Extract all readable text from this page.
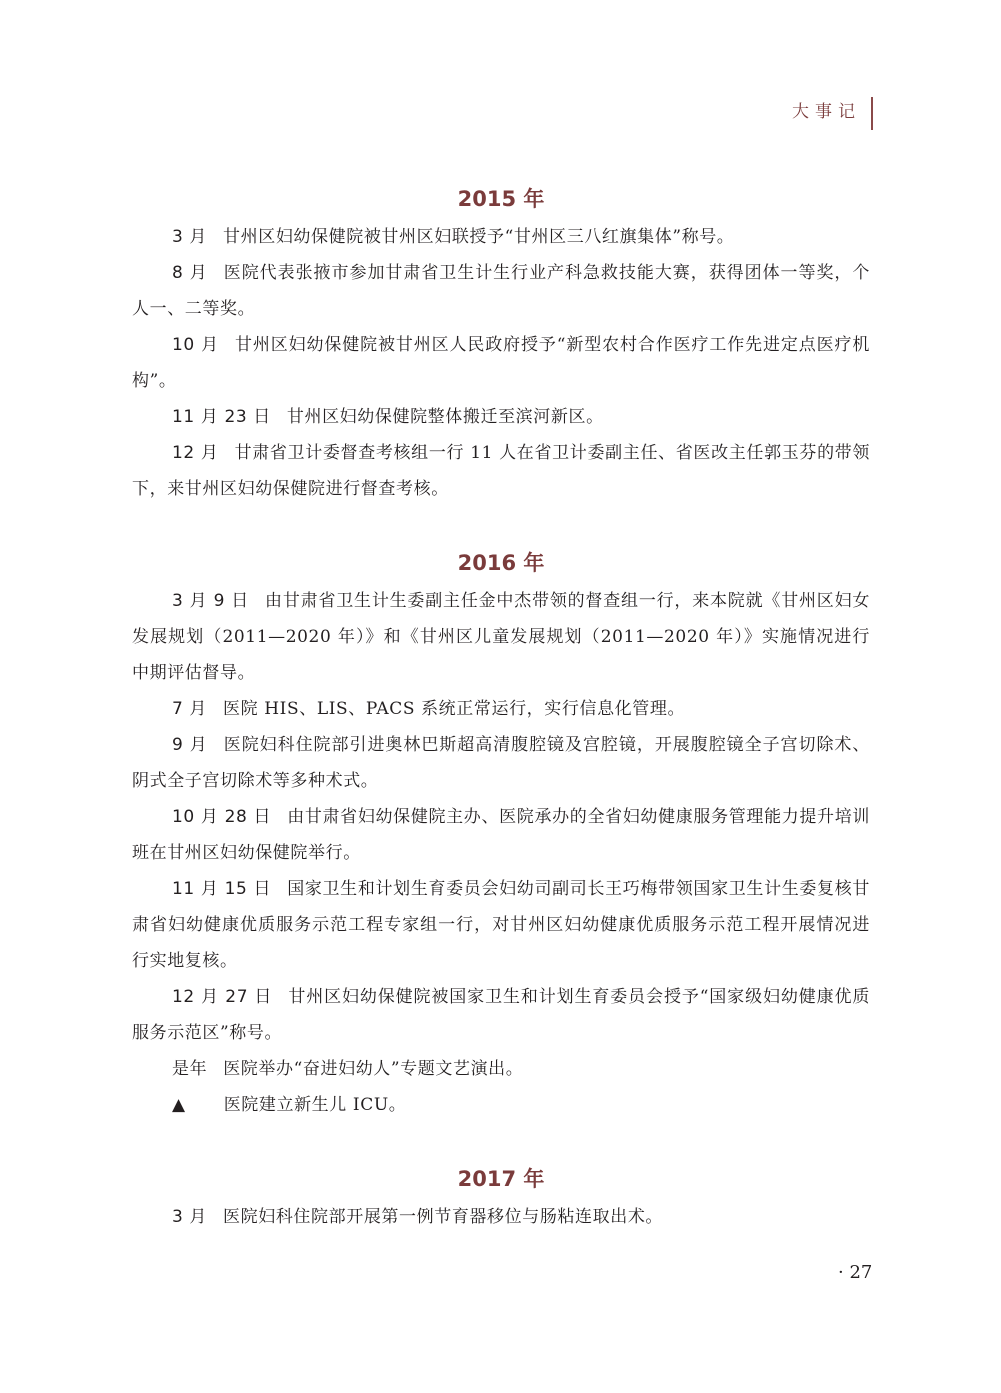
大事记
2015 年

3 月 甘州区妇幼保健院被甘州区妇联授予“甘州区三八红旗集体”称号。

8 月 医院代表张掖市参加甘肃省卫生计生行业产科急救技能大赛，获得团体一等奖，个人一、二等奖。

10 月 甘州区妇幼保健院被甘州区人民政府授予“新型农村合作医疗工作先进定点医疗机构”。

11 月 23 日 甘州区妇幼保健院整体搬迁至滨河新区。

12 月 甘肃省卫计委督查考核组一行 11 人在省卫计委副主任、省医改主任郭玉芬的带领下，来甘州区妇幼保健院进行督查考核。

2016 年

3 月 9 日 由甘肃省卫生计生委副主任金中杰带领的督查组一行，来本院就《甘州区妇女发展规划（2011—2020 年）》和《甘州区儿童发展规划（2011—2020 年）》实施情况进行中期评估督导。

7 月 医院 HIS、LIS、PACS 系统正常运行，实行信息化管理。

9 月 医院妇科住院部引进奥林巴斯超高清腹腔镜及宫腔镜，开展腹腔镜全子宫切除术、阴式全子宫切除术等多种术式。

10 月 28 日 由甘肃省妇幼保健院主办、医院承办的全省妇幼健康服务管理能力提升培训班在甘州区妇幼保健院举行。

11 月 15 日 国家卫生和计划生育委员会妇幼司副司长王巧梅带领国家卫生计生委复核甘肃省妇幼健康优质服务示范工程专家组一行，对甘州区妇幼健康优质服务示范工程开展情况进行实地复核。

12 月 27 日 甘州区妇幼保健院被国家卫生和计划生育委员会授予“国家级妇幼健康优质服务示范区”称号。

是年 医院举办“奋进妇幼人”专题文艺演出。

▲ 医院建立新生儿 ICU。

2017 年

3 月 医院妇科住院部开展第一例节育器移位与肠粘连取出术。

· 27
